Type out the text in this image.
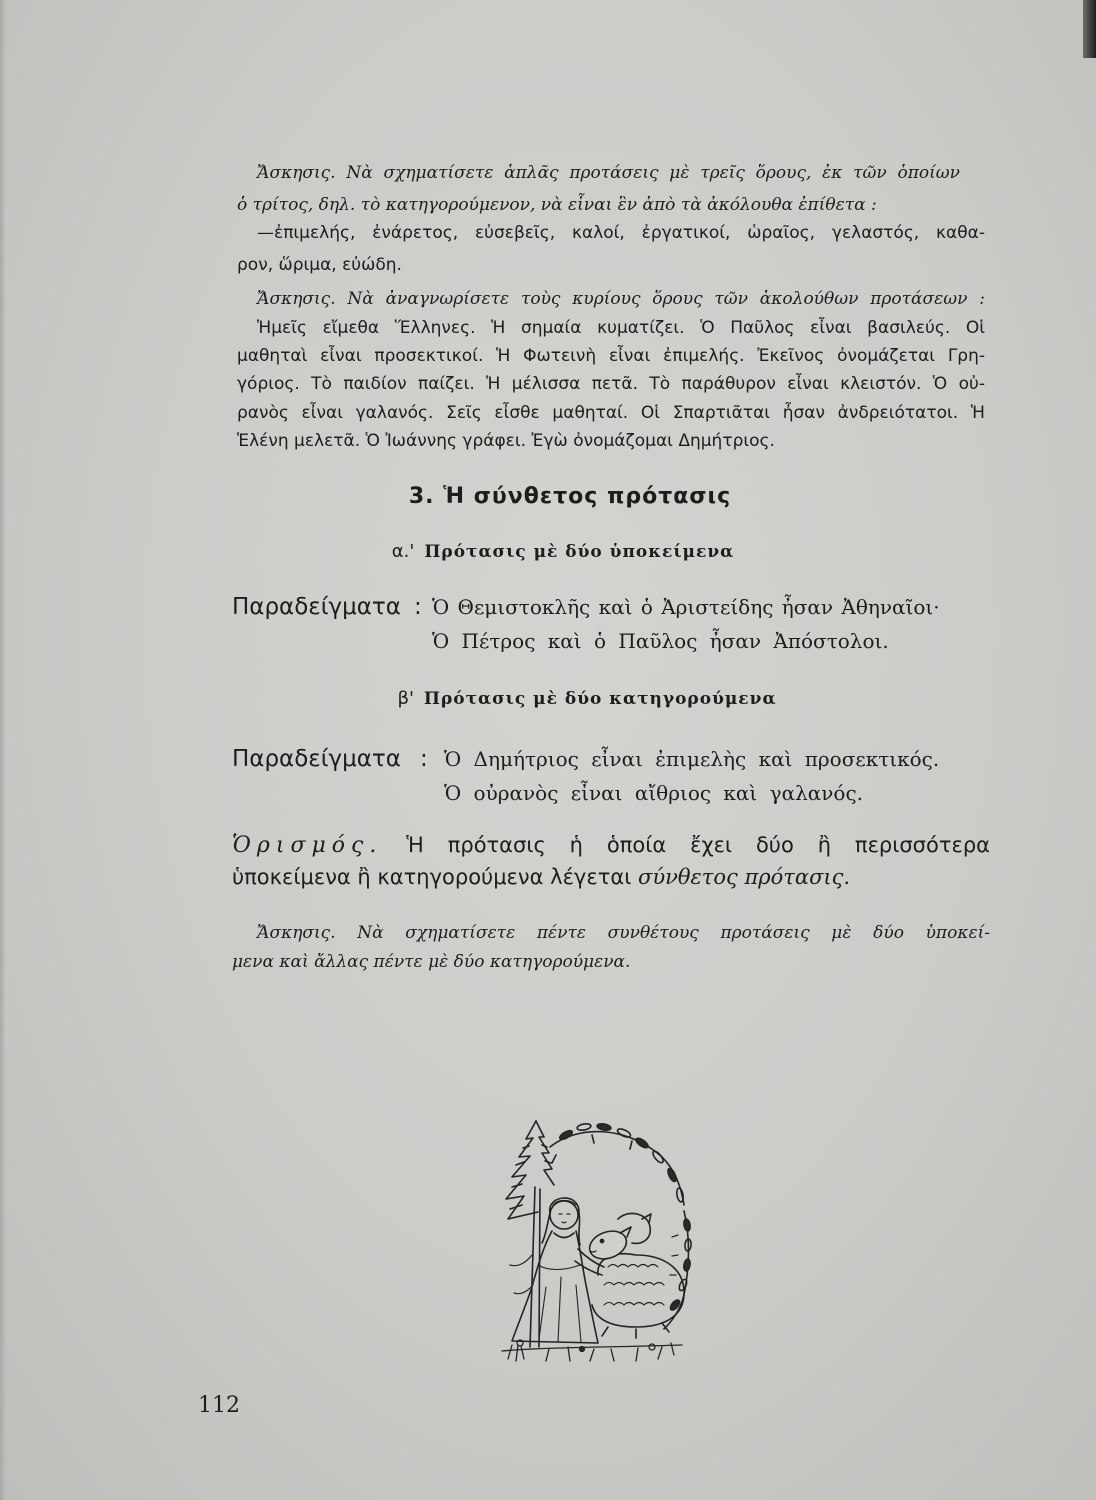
Ἄσκησις. Νὰ σχηματίσετε ἁπλᾶς προτάσεις μὲ τρεῖς ὅρους, ἐκ τῶν ὁποίων
ὁ τρίτος, δηλ. τὸ κατηγορούμενον, νὰ εἶναι ἓν ἀπὸ τὰ ἀκόλουθα ἐπίθετα :
—ἐπιμελής, ἐνάρετος, εὐσεβεῖς, καλοί, ἐργατικοί, ὡραῖος, γελαστός, καθα-
ρον, ὥριμα, εὐώδη.
Ἄσκησις. Νὰ ἀναγνωρίσετε τοὺς κυρίους ὅρους τῶν ἀκολούθων προτάσεων :
Ἡμεῖς εἴμεθα Ἕλληνες. Ἡ σημαία κυματίζει. Ὁ Παῦλος εἶναι βασιλεύς. Οἱ
μαθηταὶ εἶναι προσεκτικοί. Ἡ Φωτεινὴ εἶναι ἐπιμελής. Ἐκεῖνος ὀνομάζεται Γρη-
γόριος. Τὸ παιδίον παίζει. Ἡ μέλισσα πετᾶ. Τὸ παράθυρον εἶναι κλειστόν. Ὁ οὐ-
ρανὸς εἶναι γαλανός. Σεῖς εἶσθε μαθηταί. Οἱ Σπαρτιᾶται ἦσαν ἀνδρειότατοι. Ἡ
Ἑλένη μελετᾶ. Ὁ Ἰωάννης γράφει. Ἐγὼ ὀνομάζομαι Δημήτριος.
3. Ἡ σύνθετος πρότασις
α.' Πρότασις μὲ δύο ὑποκείμενα
Παραδείγματα : Ὁ Θεμιστοκλῆς καὶ ὁ Ἀριστείδης ἦσαν Ἀθηναῖοι·
Ὁ Πέτρος καὶ ὁ Παῦλος ἦσαν Ἀπόστολοι.
β' Πρότασις μὲ δύο κατηγορούμενα
Παραδείγματα : Ὁ Δημήτριος εἶναι ἐπιμελὴς καὶ προσεκτικός.
Ὁ οὐρανὸς εἶναι αἴθριος καὶ γαλανός.
Ὁρισμός. Ἡ πρότασις ἡ ὁποία ἔχει δύο ἢ περισσότερα
ὑποκείμενα ἢ κατηγορούμενα λέγεται σύνθετος πρότασις.
Ἄσκησις. Νὰ σχηματίσετε πέντε συνθέτους προτάσεις μὲ δύο ὑποκεί-
μενα καὶ ἄλλας πέντε μὲ δύο κατηγορούμενα.
112
